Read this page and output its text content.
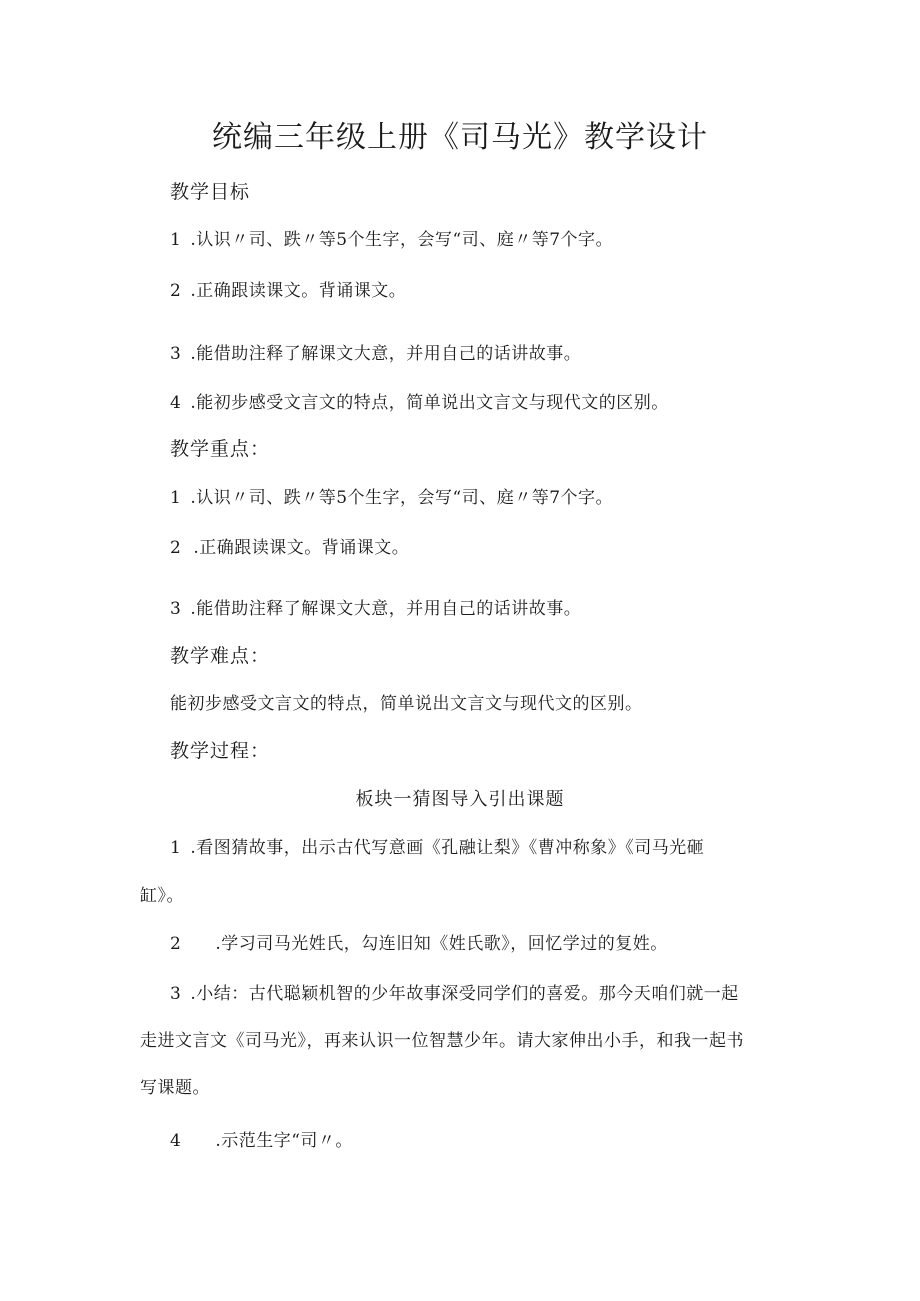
统编三年级上册《司马光》教学设计
教学目标
1 .认识〃司、跌〃等5个生字，会写“司、庭〃等7个字。
2 .正确跟读课文。背诵课文。
3 .能借助注释了解课文大意，并用自己的话讲故事。
4 .能初步感受文言文的特点，简单说出文言文与现代文的区别。
教学重点：
1 .认识〃司、跌〃等5个生字，会写“司、庭〃等7个字。
2 .正确跟读课文。背诵课文。
3 .能借助注释了解课文大意，并用自己的话讲故事。
教学难点：
能初步感受文言文的特点，简单说出文言文与现代文的区别。
教学过程：
板块一猜图导入引出课题
1 .看图猜故事，出示古代写意画《孔融让梨》《曹冲称象》《司马光砸
缸》。
2 .学习司马光姓氏，勾连旧知《姓氏歌》，回忆学过的复姓。
3 .小结：古代聪颖机智的少年故事深受同学们的喜爱。那今天咱们就一起
走进文言文《司马光》，再来认识一位智慧少年。请大家伸出小手，和我一起书
写课题。
4 .示范生字“司〃。
